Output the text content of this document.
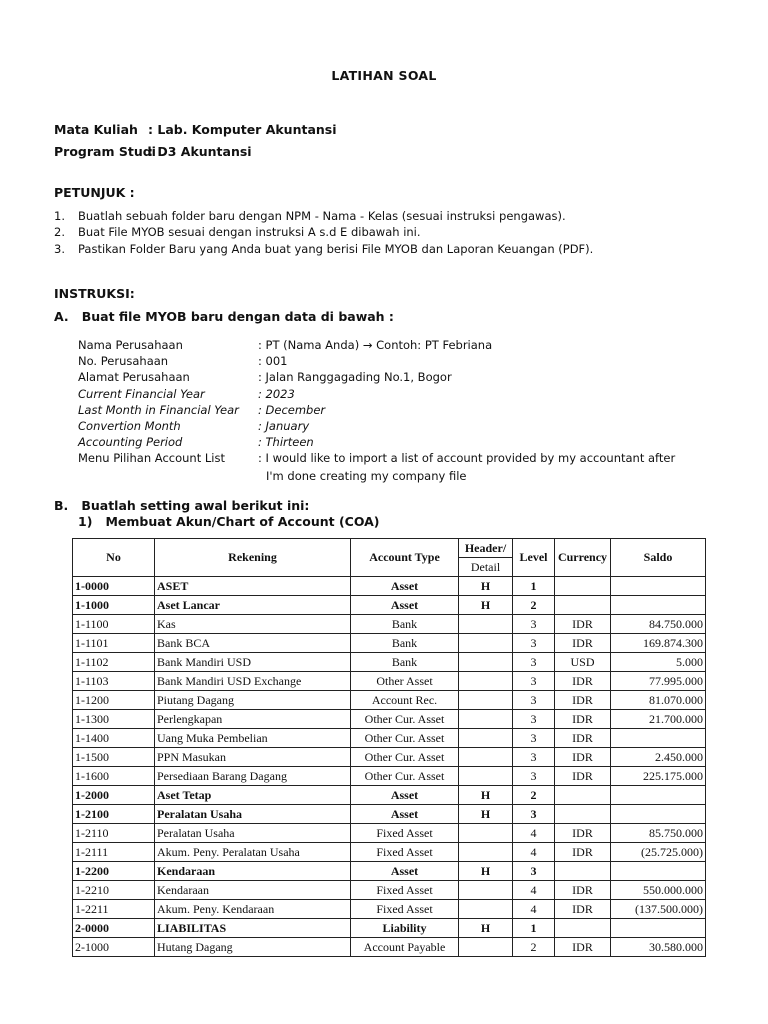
LATIHAN SOAL
Mata Kuliah : Lab. Komputer Akuntansi
Program Studi: D3 Akuntansi
PETUNJUK :
1. Buatlah sebuah folder baru dengan NPM - Nama - Kelas (sesuai instruksi pengawas).
2. Buat File MYOB sesuai dengan instruksi A s.d E dibawah ini.
3. Pastikan Folder Baru yang Anda buat yang berisi File MYOB dan Laporan Keuangan (PDF).
INSTRUKSI:
A.   Buat file MYOB baru dengan data di bawah :
Nama Perusahaan	: PT (Nama Anda) → Contoh: PT Febriana
No. Perusahaan	: 001
Alamat Perusahaan	: Jalan Ranggagading No.1, Bogor
Current Financial Year	: 2023
Last Month in Financial Year : December
Convertion Month	: January
Accounting Period	: Thirteen
Menu Pilihan Account List	: I would like to import a list of account provided by my accountant after
I'm done creating my company file
B.   Buatlah setting awal berikut ini:
1)   Membuat Akun/Chart of Account (COA)
No	Rekening	Account Type	Header/	Level	Currency	Saldo
			Detail			
1-0000	ASET	Asset	H	1		
1-1000	Aset Lancar	Asset	H	2		
1-1100	Kas	Bank		3	IDR	84.750.000
1-1101	Bank BCA	Bank		3	IDR	169.874.300
1-1102	Bank Mandiri USD	Bank		3	USD	5.000
1-1103	Bank Mandiri USD Exchange	Other Asset		3	IDR	77.995.000
1-1200	Piutang Dagang	Account Rec.		3	IDR	81.070.000
1-1300	Perlengkapan	Other Cur. Asset		3	IDR	21.700.000
1-1400	Uang Muka Pembelian	Other Cur. Asset		3	IDR	
1-1500	PPN Masukan	Other Cur. Asset		3	IDR	2.450.000
1-1600	Persediaan Barang Dagang	Other Cur. Asset		3	IDR	225.175.000
1-2000	Aset Tetap	Asset	H	2		
1-2100	Peralatan Usaha	Asset	H	3		
1-2110	Peralatan Usaha	Fixed Asset		4	IDR	85.750.000
1-2111	Akum. Peny. Peralatan Usaha	Fixed Asset		4	IDR	(25.725.000)
1-2200	Kendaraan	Asset	H	3		
1-2210	Kendaraan	Fixed Asset		4	IDR	550.000.000
1-2211	Akum. Peny. Kendaraan	Fixed Asset		4	IDR	(137.500.000)
2-0000	LIABILITAS	Liability	H	1		
2-1000	Hutang Dagang	Account Payable		2	IDR	30.580.000
